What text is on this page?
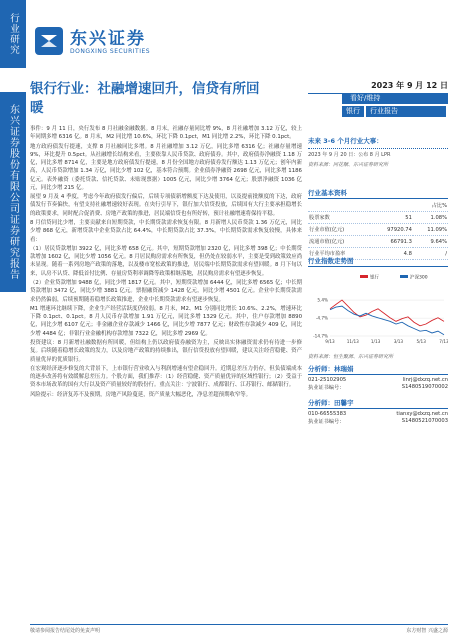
行业研究
东兴证券股份有限公司证券研究报告
东兴证券
DONGXING SECURITIES
银行行业：社融增速回升，信贷有所回暖
2023 年 9 月 12 日
看好/维持
银行	行业报告

事件：9 月 11 日，央行发布 8 月社融金融数据。8 月末，社融存量同比增 9%，8 月社融增加 3.12 万亿，较上年同期多增 6316 亿。8 月末，M2 同比增 10.6%，环比下降 0.1pct，M1 同比增 2.2%，环比下降 0.1pct。

地方政府债发行提速，支撑 8 月社融同比多增。8 月社融增加 3.12 万亿，同比多增 6316 亿；社融存量增速 9%，环比提升 0.5pct。从社融增长结构来看，主要依靠人民币贷款、政府债券。其中，政府债券净融资 1.18 万亿，同比多增 8714 亿，主要是地方政府债发行提速，8 月份全国地方政府债券发行额达 1.13 万亿元；创年内新高，人民币贷款增加 1.34 万亿，同比少增 102 亿，基本符合预期。企业债券净融资 2698 亿元，同比多增 1186 亿元。表外融资（委托贷款、信托贷款、未贴现票据）1005 亿元，同比少增 3764 亿元；股票净融资 1036 亿元，同比少增 215 亿。

展望 9 月及 4 季度，考虑今年政府债发行偏后，后续专项债新增额度下达及使用，以及提前批额度的下达，政府债发行节奏偏快，有望支持社融增速较好表现。在央行引导下，银行加大信贷投放，后续国有大行主要承担稳增长的政策要求，同时配合促消费、房地产政策的推进，居民端信贷也有所好转，预计社融增速将保持平稳。

8 月信贷同比少增，主要贡献来自短期贷款，中长期贷款需求恢复有限。8 月新增人民币贷款 1.36 万亿元，同比少增 868 亿元，新增贷款中企业贷款占比 64.4%，中长期贷款占比 37.3%，中长期贷款需求恢复较慢，具体来看：

（1）居民贷款增加 3922 亿，同比多增 658 亿元。其中，短期贷款增加 2320 亿，同比多增 398 亿；中长期贷款增加 1602 亿，同比少增 1056 亿元。8 月居民购房需求有所恢复，但仍处在较弱水平，主要是受到政策效应尚未显现。随着一系列房地产政策的落地，以及楼市宽松政策的推进，居民端中长期贷款需求有望回暖。8 月下旬以来，认房不认贷、降低首付比例、存量房贷利率调降等政策相继落地，居民购房需求有望逐步恢复。

（2）企业贷款增加 9488 亿，同比少增 1817 亿元。其中，短期贷款增加 6444 亿，同比多增 6565 亿；中长期贷款增加 3472 亿，同比少增 3881 亿元。票据融资减少 1428 亿元，同比少增 4501 亿元。企业中长期贷款需求仍然偏弱，后续预期随着稳增长政策推进，企业中长期贷款需求有望逐步恢复。

M1 增速环比继续下降，企业生产经营活跃度仍较弱。8 月末，M2、M1 分别同比增长 10.6%、2.2%，增速环比下降 0.1pct、0.1pct。8 月人民币存款增加 1.91 万亿元，同比多增 1329 亿元。其中，住户存款增加 8890 亿，同比少增 6107 亿元；非金融企业存款减少 1466 亿，同比少增 7877 亿元；财政性存款减少 409 亿，同比少增 4484 亿；非银行业金融机构存款增加 7322 亿，同比多增 2969 亿。

投资建议：8 月新增社融数据有所回暖，但结构上仍以政府债券融资为主，反映出实体融资需求仍有待进一步修复。后续随着稳增长政策的发力，以及房地产政策的持续推出，银行信贷投放有望回暖，建议关注经营稳健、资产质量优异的优质银行。

在宏观经济逐步修复的大背景下，上市银行营业收入与利润增速有望企稳回升。近期息差压力仍存，但负债端成本的逐步改善将有效缓解息差压力。个股方面，我们推荐：（1）经营稳健、资产质量优异的区域性银行；（2）受益于资本市场改革的国有大行以及资产质量较好的股份行。重点关注：宁波银行、成都银行、江苏银行、邮储银行。

风险提示：经济复苏不及预期，房地产风险蔓延，资产质量大幅恶化，净息差超预期收窄等。

未来 3-6 个月行业大事：
2023 年 9 月 20 日：公布 8 月 LPR
资料来源：同花顺、东兴证券研究所
行业基本资料
		占比%
股票家数	51	1.08%
行业市值(亿元)	97920.74	11.09%
流通市值(亿元)	66791.3	9.64%
行业平均市盈率	4.8	/
行业指数走势图
银行	沪深300
5.4%
-4.7%
-14.7%
9/13	11/13	1/13	3/13	5/13	7/13
资料来源：恒生聚源、东兴证券研究所
分析师：林瑞娟
021-25102905	linrj@dxzq.net.cn
执业证书编号：	S1480519070002
分析师：田馨宇
010-66555383	tianxy@dxzq.net.cn
执业证书编号：	S1480521070003
敬请参阅报告结尾处的免责声明	东方财智 兴盛之源
